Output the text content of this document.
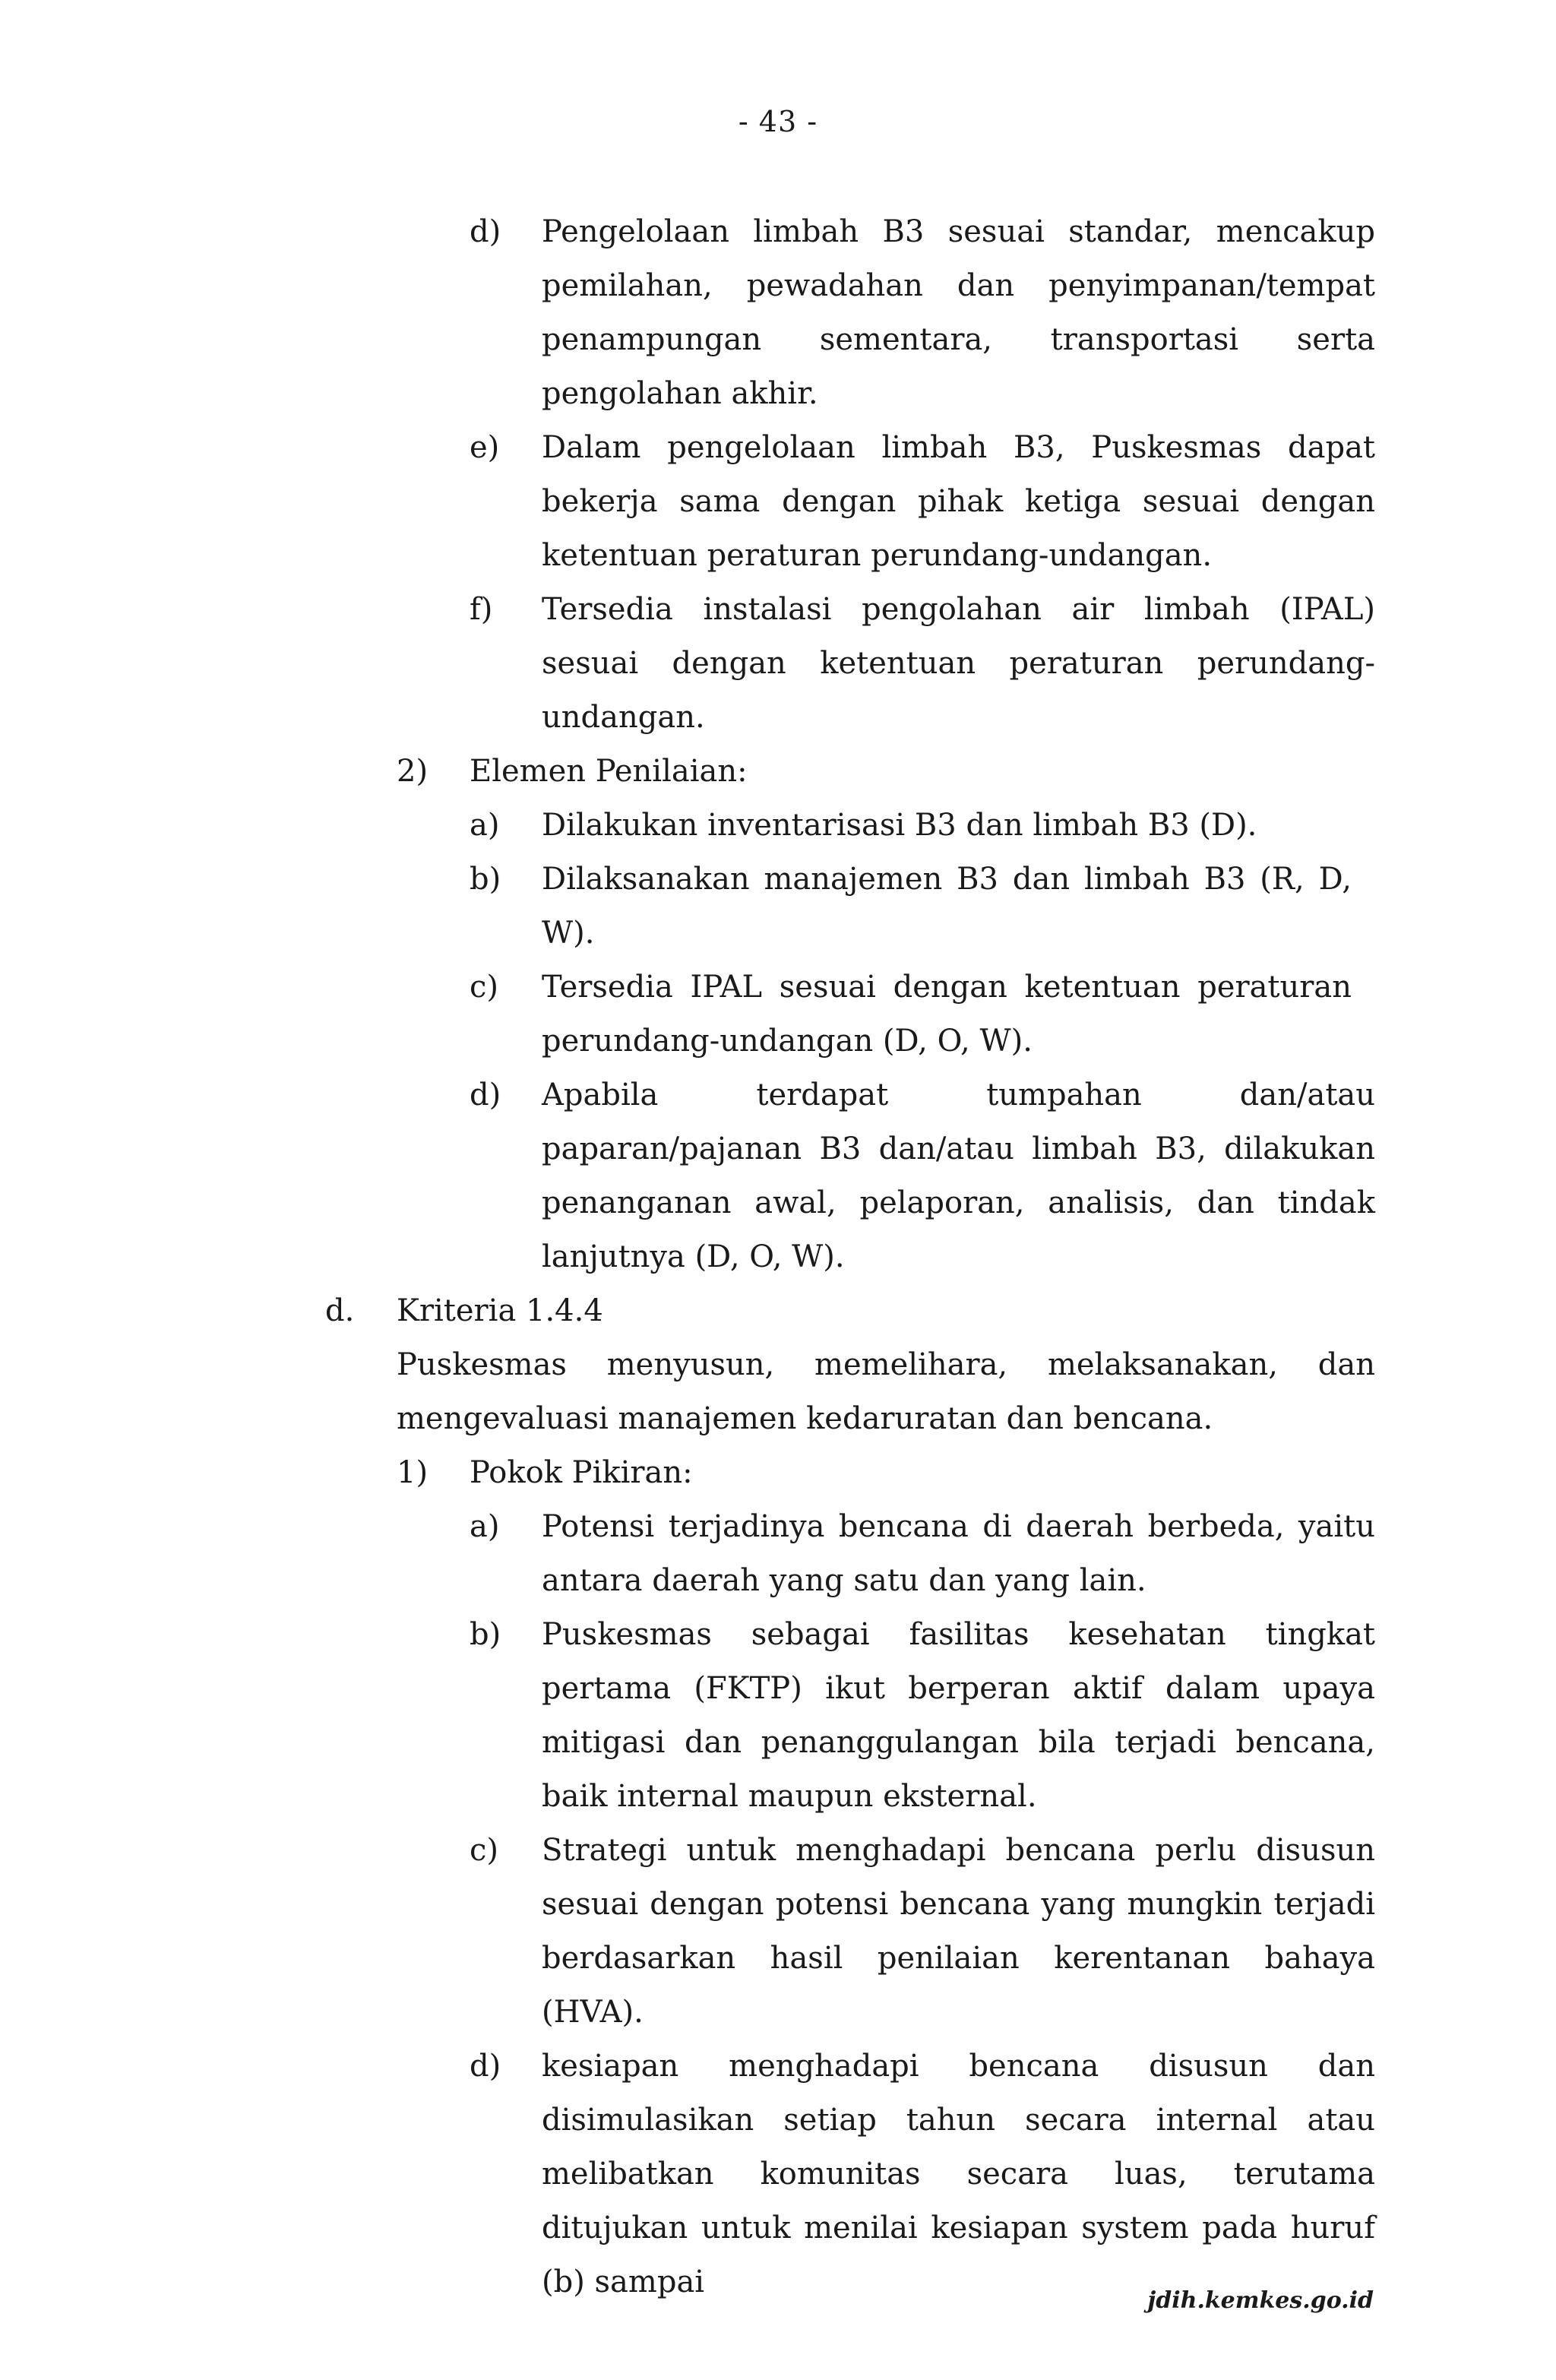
- 43 -
d) Pengelolaan limbah B3 sesuai standar, mencakup pemilahan, pewadahan dan penyimpanan/tempat penampungan sementara, transportasi serta pengolahan akhir.
e) Dalam pengelolaan limbah B3, Puskesmas dapat bekerja sama dengan pihak ketiga sesuai dengan ketentuan peraturan perundang-undangan.
f) Tersedia instalasi pengolahan air limbah (IPAL) sesuai dengan ketentuan peraturan perundang-undangan.
2) Elemen Penilaian:
a) Dilakukan inventarisasi B3 dan limbah B3 (D).
b) Dilaksanakan manajemen B3 dan limbah B3 (R, D, W).
c) Tersedia IPAL sesuai dengan ketentuan peraturan perundang-undangan (D, O, W).
d) Apabila terdapat tumpahan dan/atau paparan/pajanan B3 dan/atau limbah B3, dilakukan penanganan awal, pelaporan, analisis, dan tindak lanjutnya (D, O, W).
d. Kriteria 1.4.4
Puskesmas menyusun, memelihara, melaksanakan, dan mengevaluasi manajemen kedaruratan dan bencana.
1) Pokok Pikiran:
a) Potensi terjadinya bencana di daerah berbeda, yaitu antara daerah yang satu dan yang lain.
b) Puskesmas sebagai fasilitas kesehatan tingkat pertama (FKTP) ikut berperan aktif dalam upaya mitigasi dan penanggulangan bila terjadi bencana, baik internal maupun eksternal.
c) Strategi untuk menghadapi bencana perlu disusun sesuai dengan potensi bencana yang mungkin terjadi berdasarkan hasil penilaian kerentanan bahaya (HVA).
d) kesiapan menghadapi bencana disusun dan disimulasikan setiap tahun secara internal atau melibatkan komunitas secara luas, terutama ditujukan untuk menilai kesiapan system pada huruf (b) sampai
jdih.kemkes.go.id
